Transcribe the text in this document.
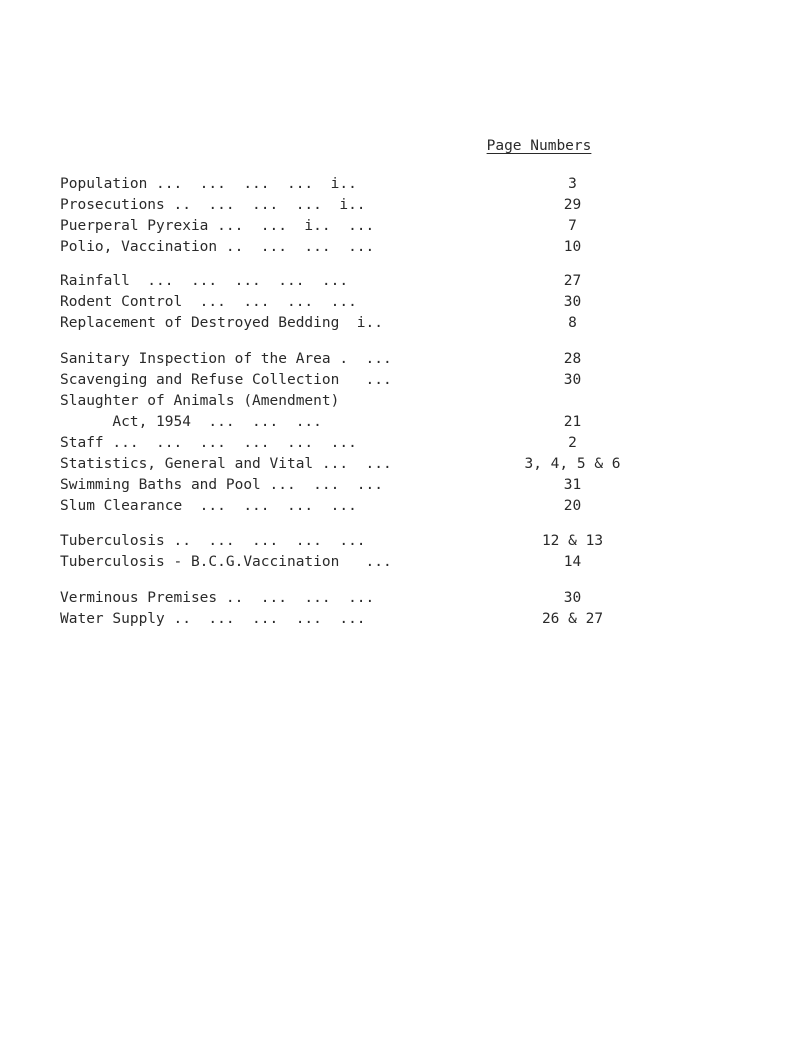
Page Numbers
Population ...  ...  ...  ...  i..	3
Prosecutions ..  ...  ...  ...  i..	29
Puerperal Pyrexia ...  ...  i..  ...	7
Polio, Vaccination ..  ...  ...  ...	10
Rainfall  ...  ...  ...  ...  ...	27
Rodent Control  ...  ...  ...  ...	30
Replacement of Destroyed Bedding  i..	8
Sanitary Inspection of the Area .  ...	28
Scavenging and Refuse Collection   ...	30
Slaughter of Animals (Amendment)
Act, 1954  ...  ...  ...	21
Staff ...  ...  ...  ...  ...  ...	2
Statistics, General and Vital ...  ...	3, 4, 5 & 6
Swimming Baths and Pool ...  ...  ...	31
Slum Clearance  ...  ...  ...  ...	20
Tuberculosis ..  ...  ...  ...  ...	12 & 13
Tuberculosis - B.C.G.Vaccination   ...	14
Verminous Premises ..  ...  ...  ...	30
Water Supply ..  ...  ...  ...  ...	26 & 27
